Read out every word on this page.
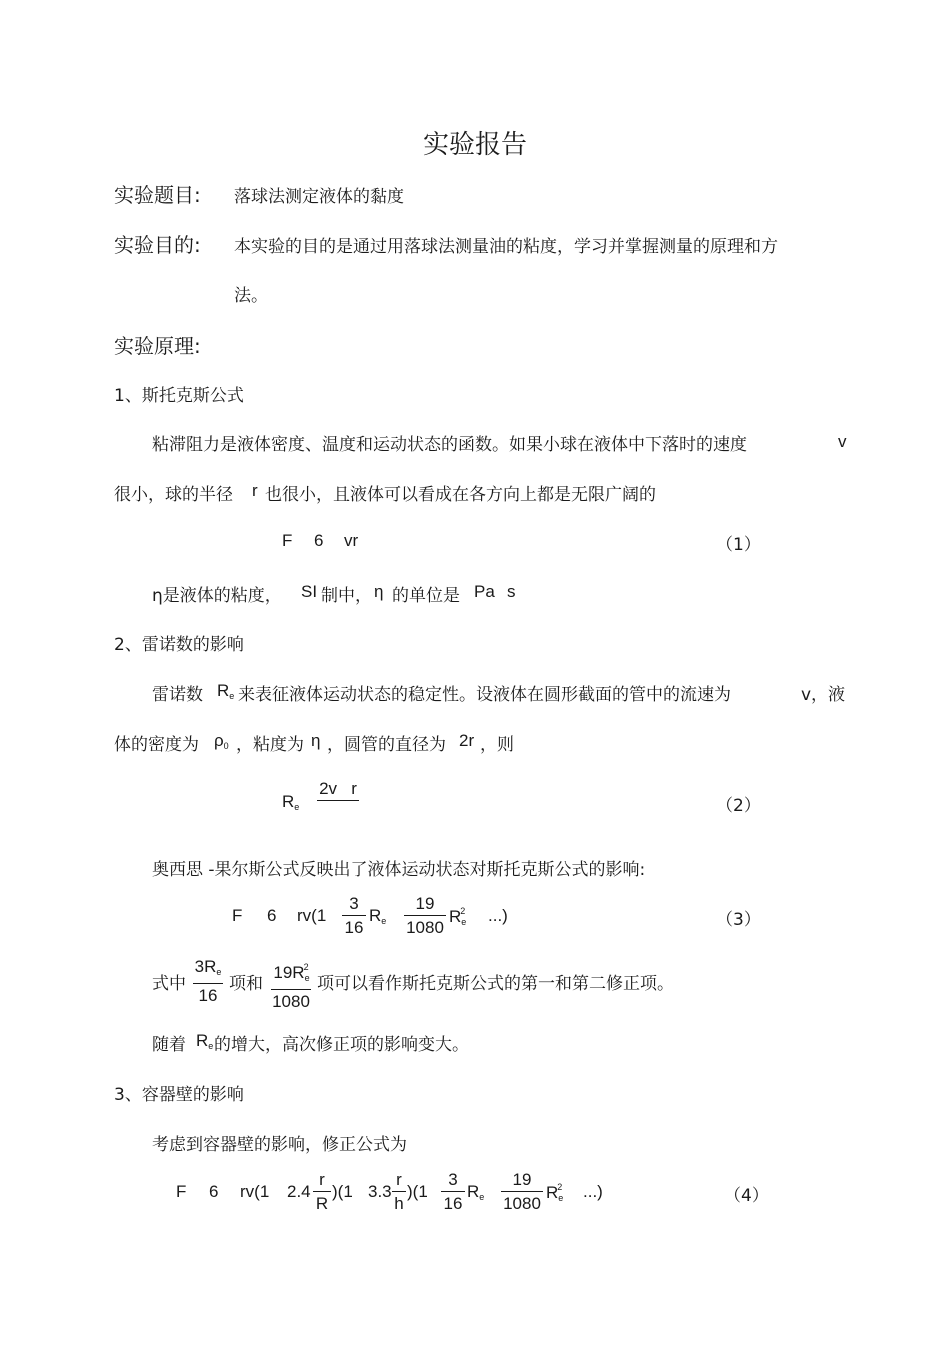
实验报告
实验题目: 落球法测定液体的黏度
实验目的: 本实验的目的是通过用落球法测量油的粘度，学习并掌握测量的原理和方
法。
实验原理:
1、斯托克斯公式
粘滞阻力是液体密度、温度和运动状态的函数。如果小球在液体中下落时的速度	v
很小，球的半径 r 也很小，且液体可以看成在各方向上都是无限广阔的
F 6 vr	（1）
η是液体的粘度， SI 制中， η 的单位是 Pa s
2、雷诺数的影响
雷诺数 $R_e$ 来表征液体运动状态的稳定性。设液体在圆形截面的管中的流速为	v，液
体的密度为 $\rho_0$ ，粘度为 η ，圆管的直径为 2r ，则
$R_e$
2v   r
（2）
奥西思 -果尔斯公式反映出了液体运动状态对斯托克斯公式的影响:
F 6 rv(1
3
16
$R_e$
19
1080
$R_e^2$ ...)	（3）
式中
$3R_e$
16
项和
$19R_e^2$
1080
项可以看作斯托克斯公式的第一和第二修正项。
随着 $R_e$ 的增大，高次修正项的影响变大。
3、容器壁的影响
考虑到容器壁的影响，修正公式为
F 6 rv(1 2.4
r
R
)(1 3.3
r
h
)(1
3
16
$R_e$
19
1080
$R_e^2$ ...)	（4）
